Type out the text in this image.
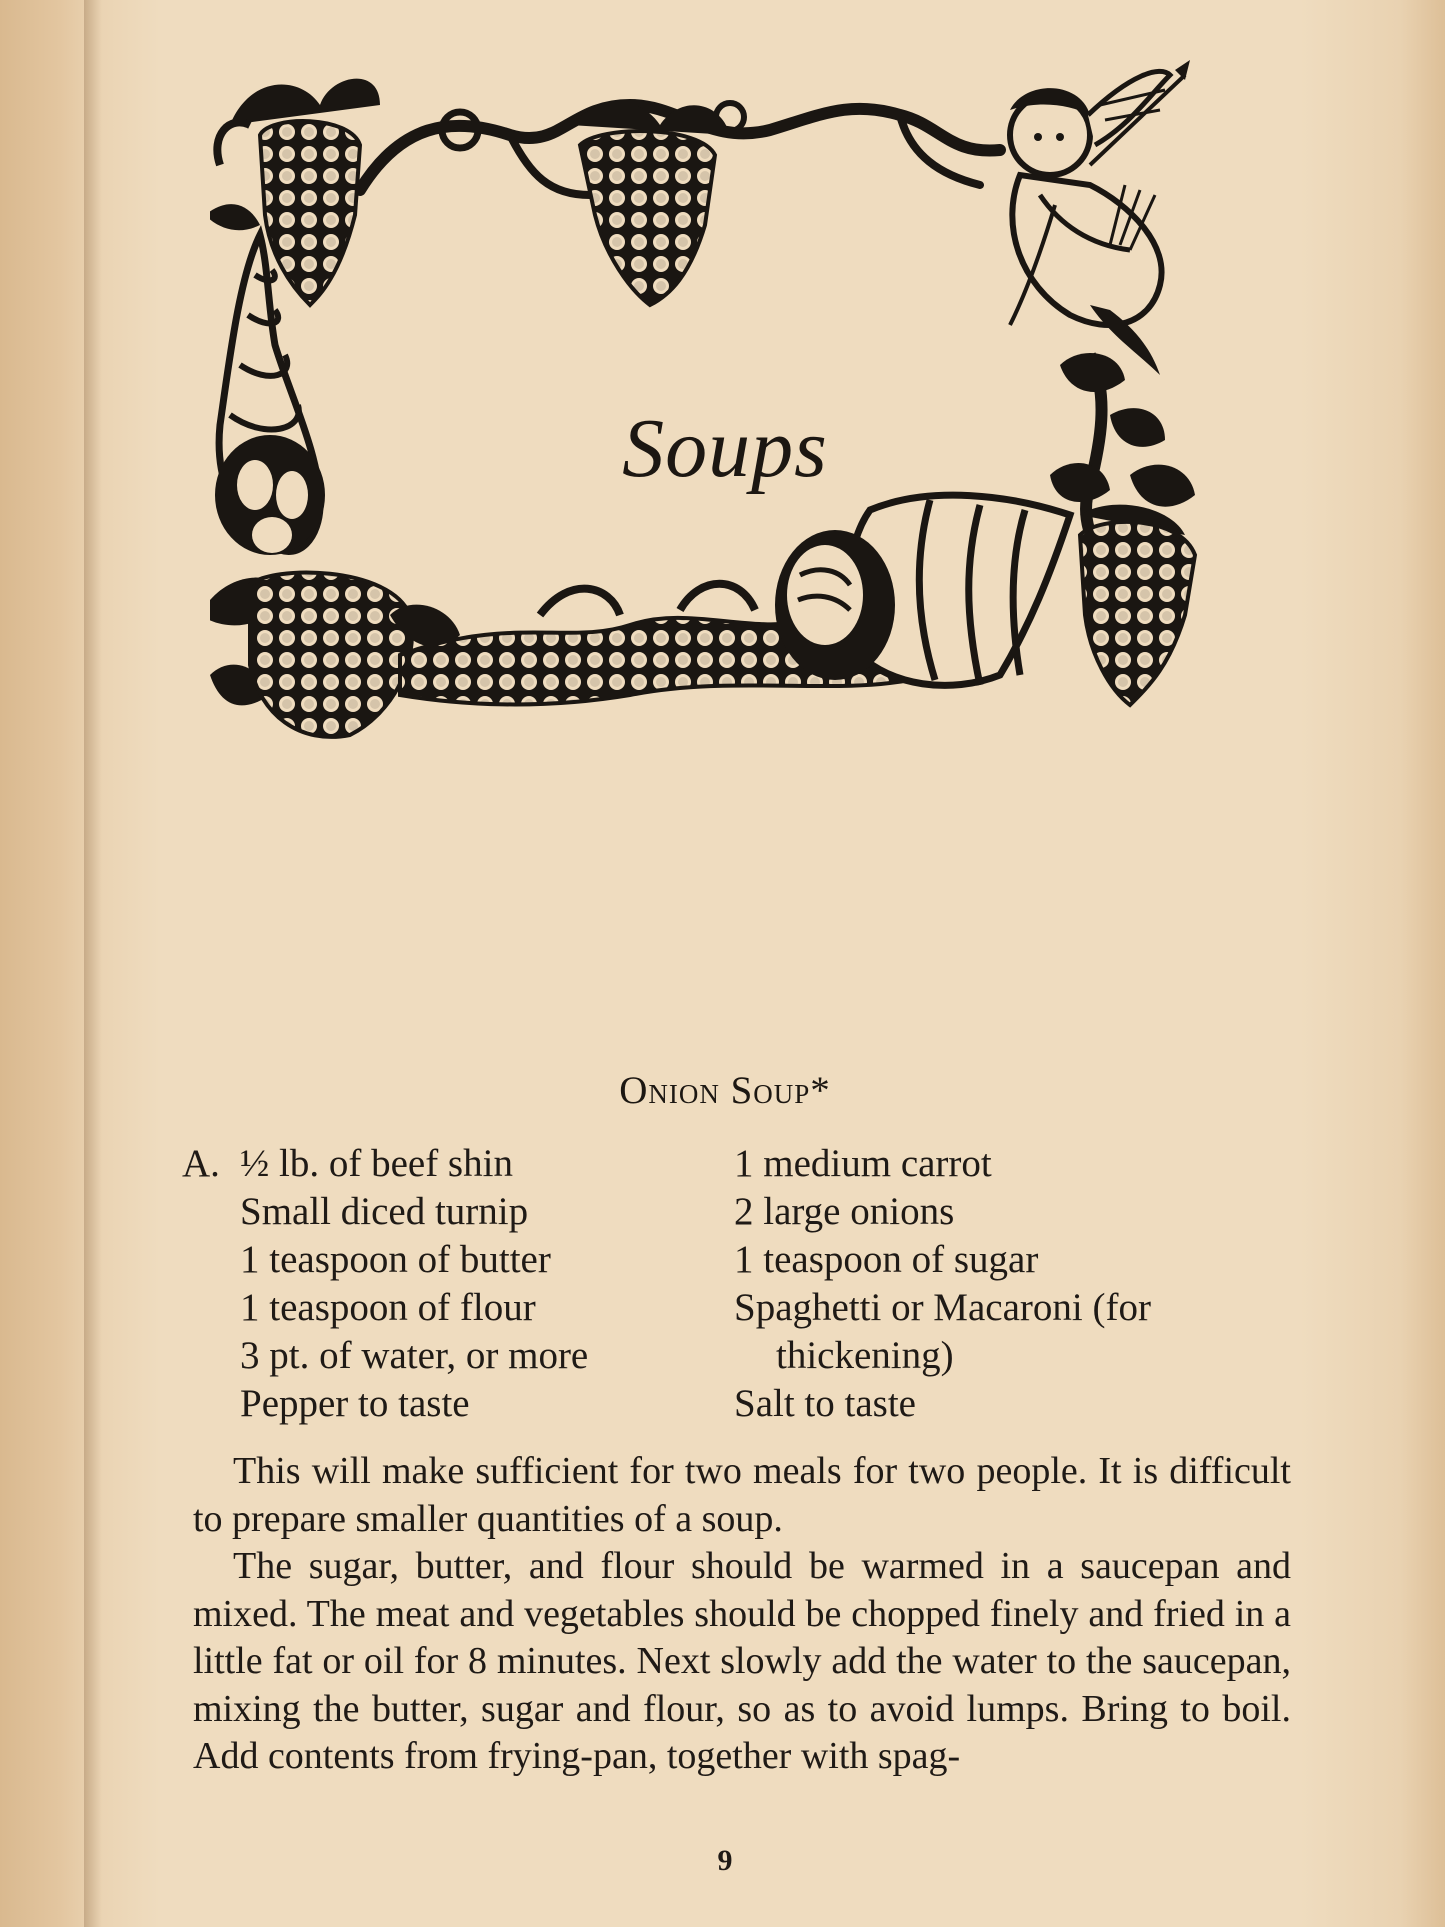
Soups
Onion Soup*
A. ½ lb. of beef shin
Small diced turnip
1 teaspoon of butter
1 teaspoon of flour
3 pt. of water, or more
Pepper to taste
1 medium carrot
2 large onions
1 teaspoon of sugar
Spaghetti or Macaroni (for
thickening)
Salt to taste

This will make sufficient for two meals for two people. It is difficult to prepare smaller quantities of a soup.

The sugar, butter, and flour should be warmed in a saucepan and mixed. The meat and vegetables should be chopped finely and fried in a little fat or oil for 8 minutes. Next slowly add the water to the saucepan, mixing the butter, sugar and flour, so as to avoid lumps. Bring to boil. Add contents from frying-pan, together with spag-

9
